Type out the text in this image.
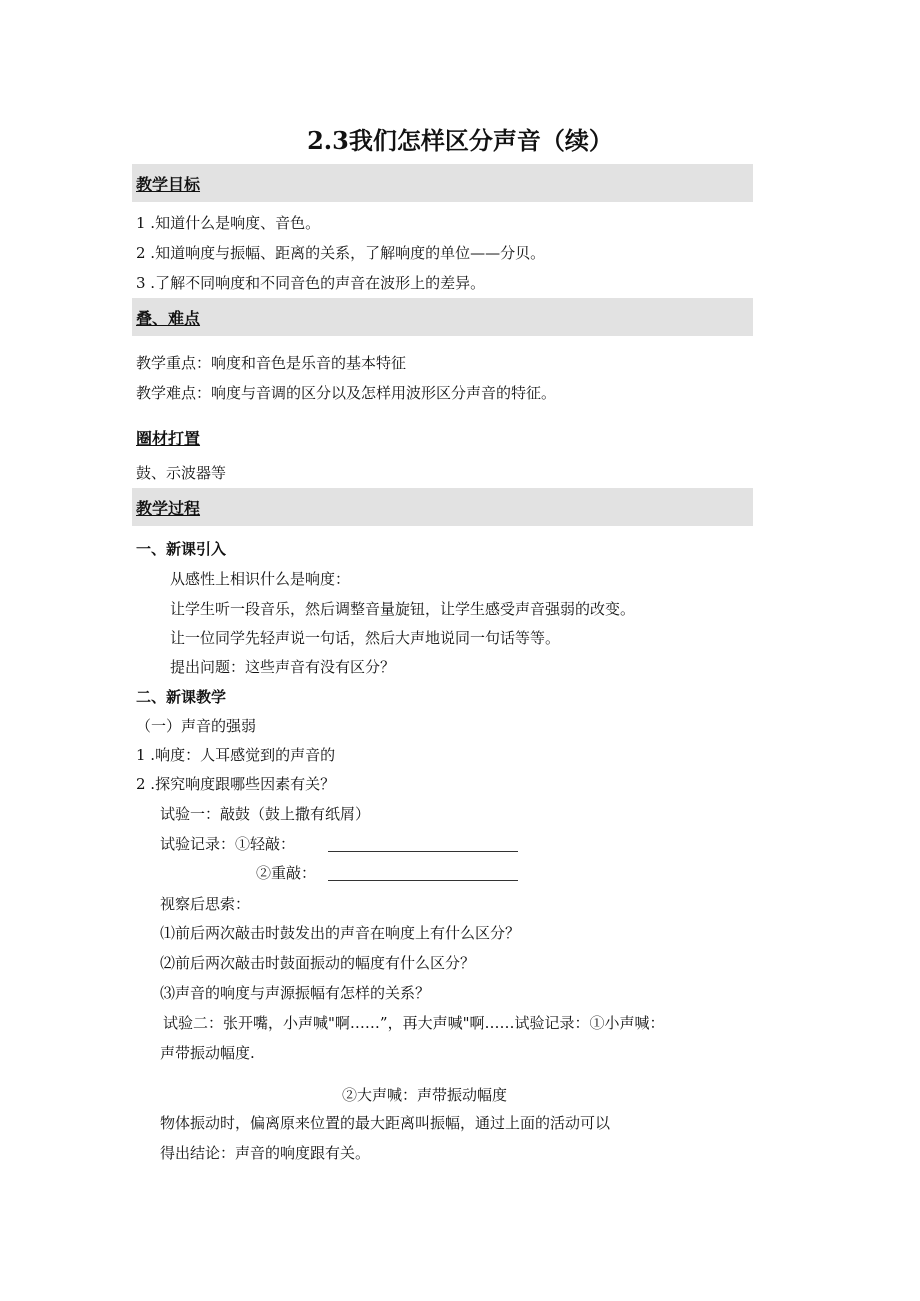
2.3我们怎样区分声音（续）
教学目标
1 .知道什么是响度、音色。
2 .知道响度与振幅、距离的关系，了解响度的单位——分贝。
3 .了解不同响度和不同音色的声音在波形上的差异。
叠、难点
教学重点：响度和音色是乐音的基本特征
教学难点：响度与音调的区分以及怎样用波形区分声音的特征。
圈材打置
鼓、示波器等
教学过程
一、新课引入
从感性上相识什么是响度：
让学生听一段音乐，然后调整音量旋钮，让学生感受声音强弱的改变。
让一位同学先轻声说一句话，然后大声地说同一句话等等。
提出问题：这些声音有没有区分？
二、新课教学
（一）声音的强弱
1 .响度：人耳感觉到的声音的
2 .探究响度跟哪些因素有关？
试验一：敲鼓（鼓上撒有纸屑）
试验记录：①轻敲：
②重敲：
视察后思索：
⑴前后两次敲击时鼓发出的声音在响度上有什么区分？
⑵前后两次敲击时鼓面振动的幅度有什么区分？
⑶声音的响度与声源振幅有怎样的关系？
试验二：张开嘴，小声喊"啊……”，再大声喊"啊……试验记录：①小声喊：
声带振动幅度.
②大声喊：声带振动幅度
物体振动时，偏离原来位置的最大距离叫振幅，通过上面的活动可以
得出结论：声音的响度跟有关。
